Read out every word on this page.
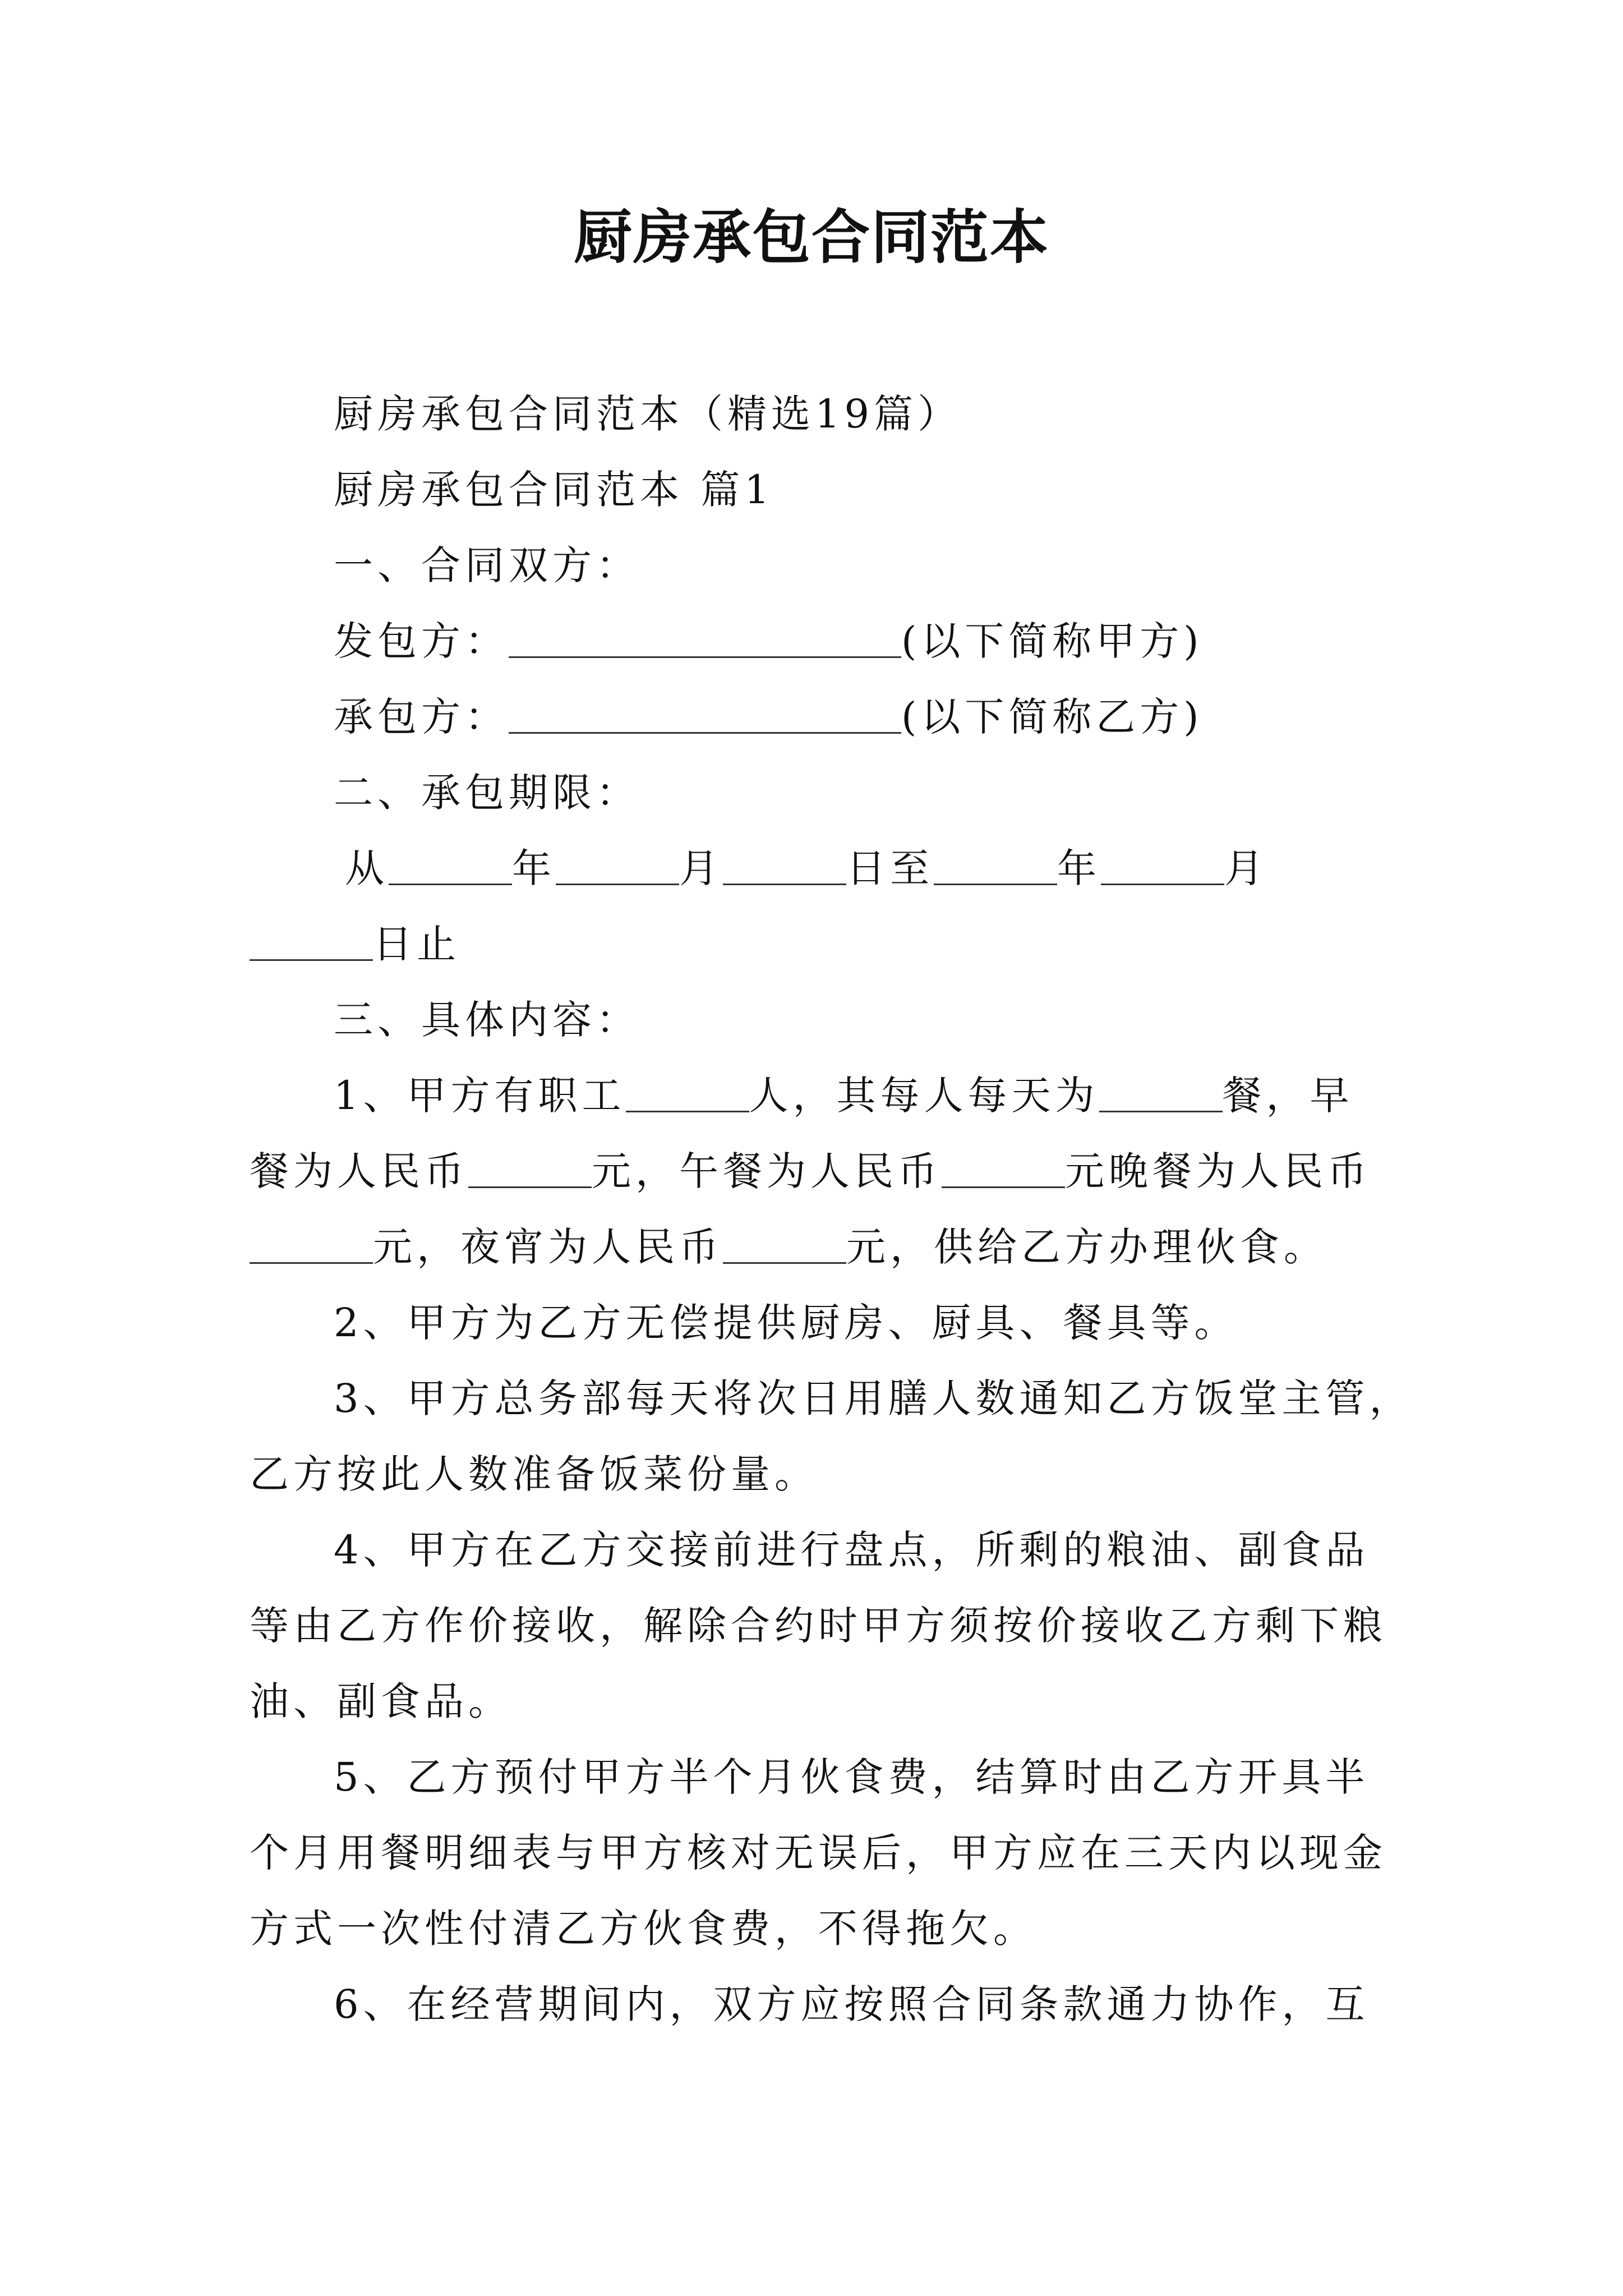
厨房承包合同范本
厨房承包合同范本（精选19篇）
厨房承包合同范本 篇1
一、合同双方：
发包方：	(以下简称甲方)
承包方：	(以下简称乙方)
二、承包期限：
从	年	月	日至	年	月
日止
三、具体内容：
1、甲方有职工	人，其每人每天为	餐，早
餐为人民币	元，午餐为人民币	元晚餐为人民币
元，夜宵为人民币	元，供给乙方办理伙食。
2、甲方为乙方无偿提供厨房、厨具、餐具等。
3、甲方总务部每天将次日用膳人数通知乙方饭堂主管，
乙方按此人数准备饭菜份量。
4、甲方在乙方交接前进行盘点，所剩的粮油、副食品
等由乙方作价接收，解除合约时甲方须按价接收乙方剩下粮
油、副食品。
5、乙方预付甲方半个月伙食费，结算时由乙方开具半
个月用餐明细表与甲方核对无误后，甲方应在三天内以现金
方式一次性付清乙方伙食费，不得拖欠。
6、在经营期间内，双方应按照合同条款通力协作，互
